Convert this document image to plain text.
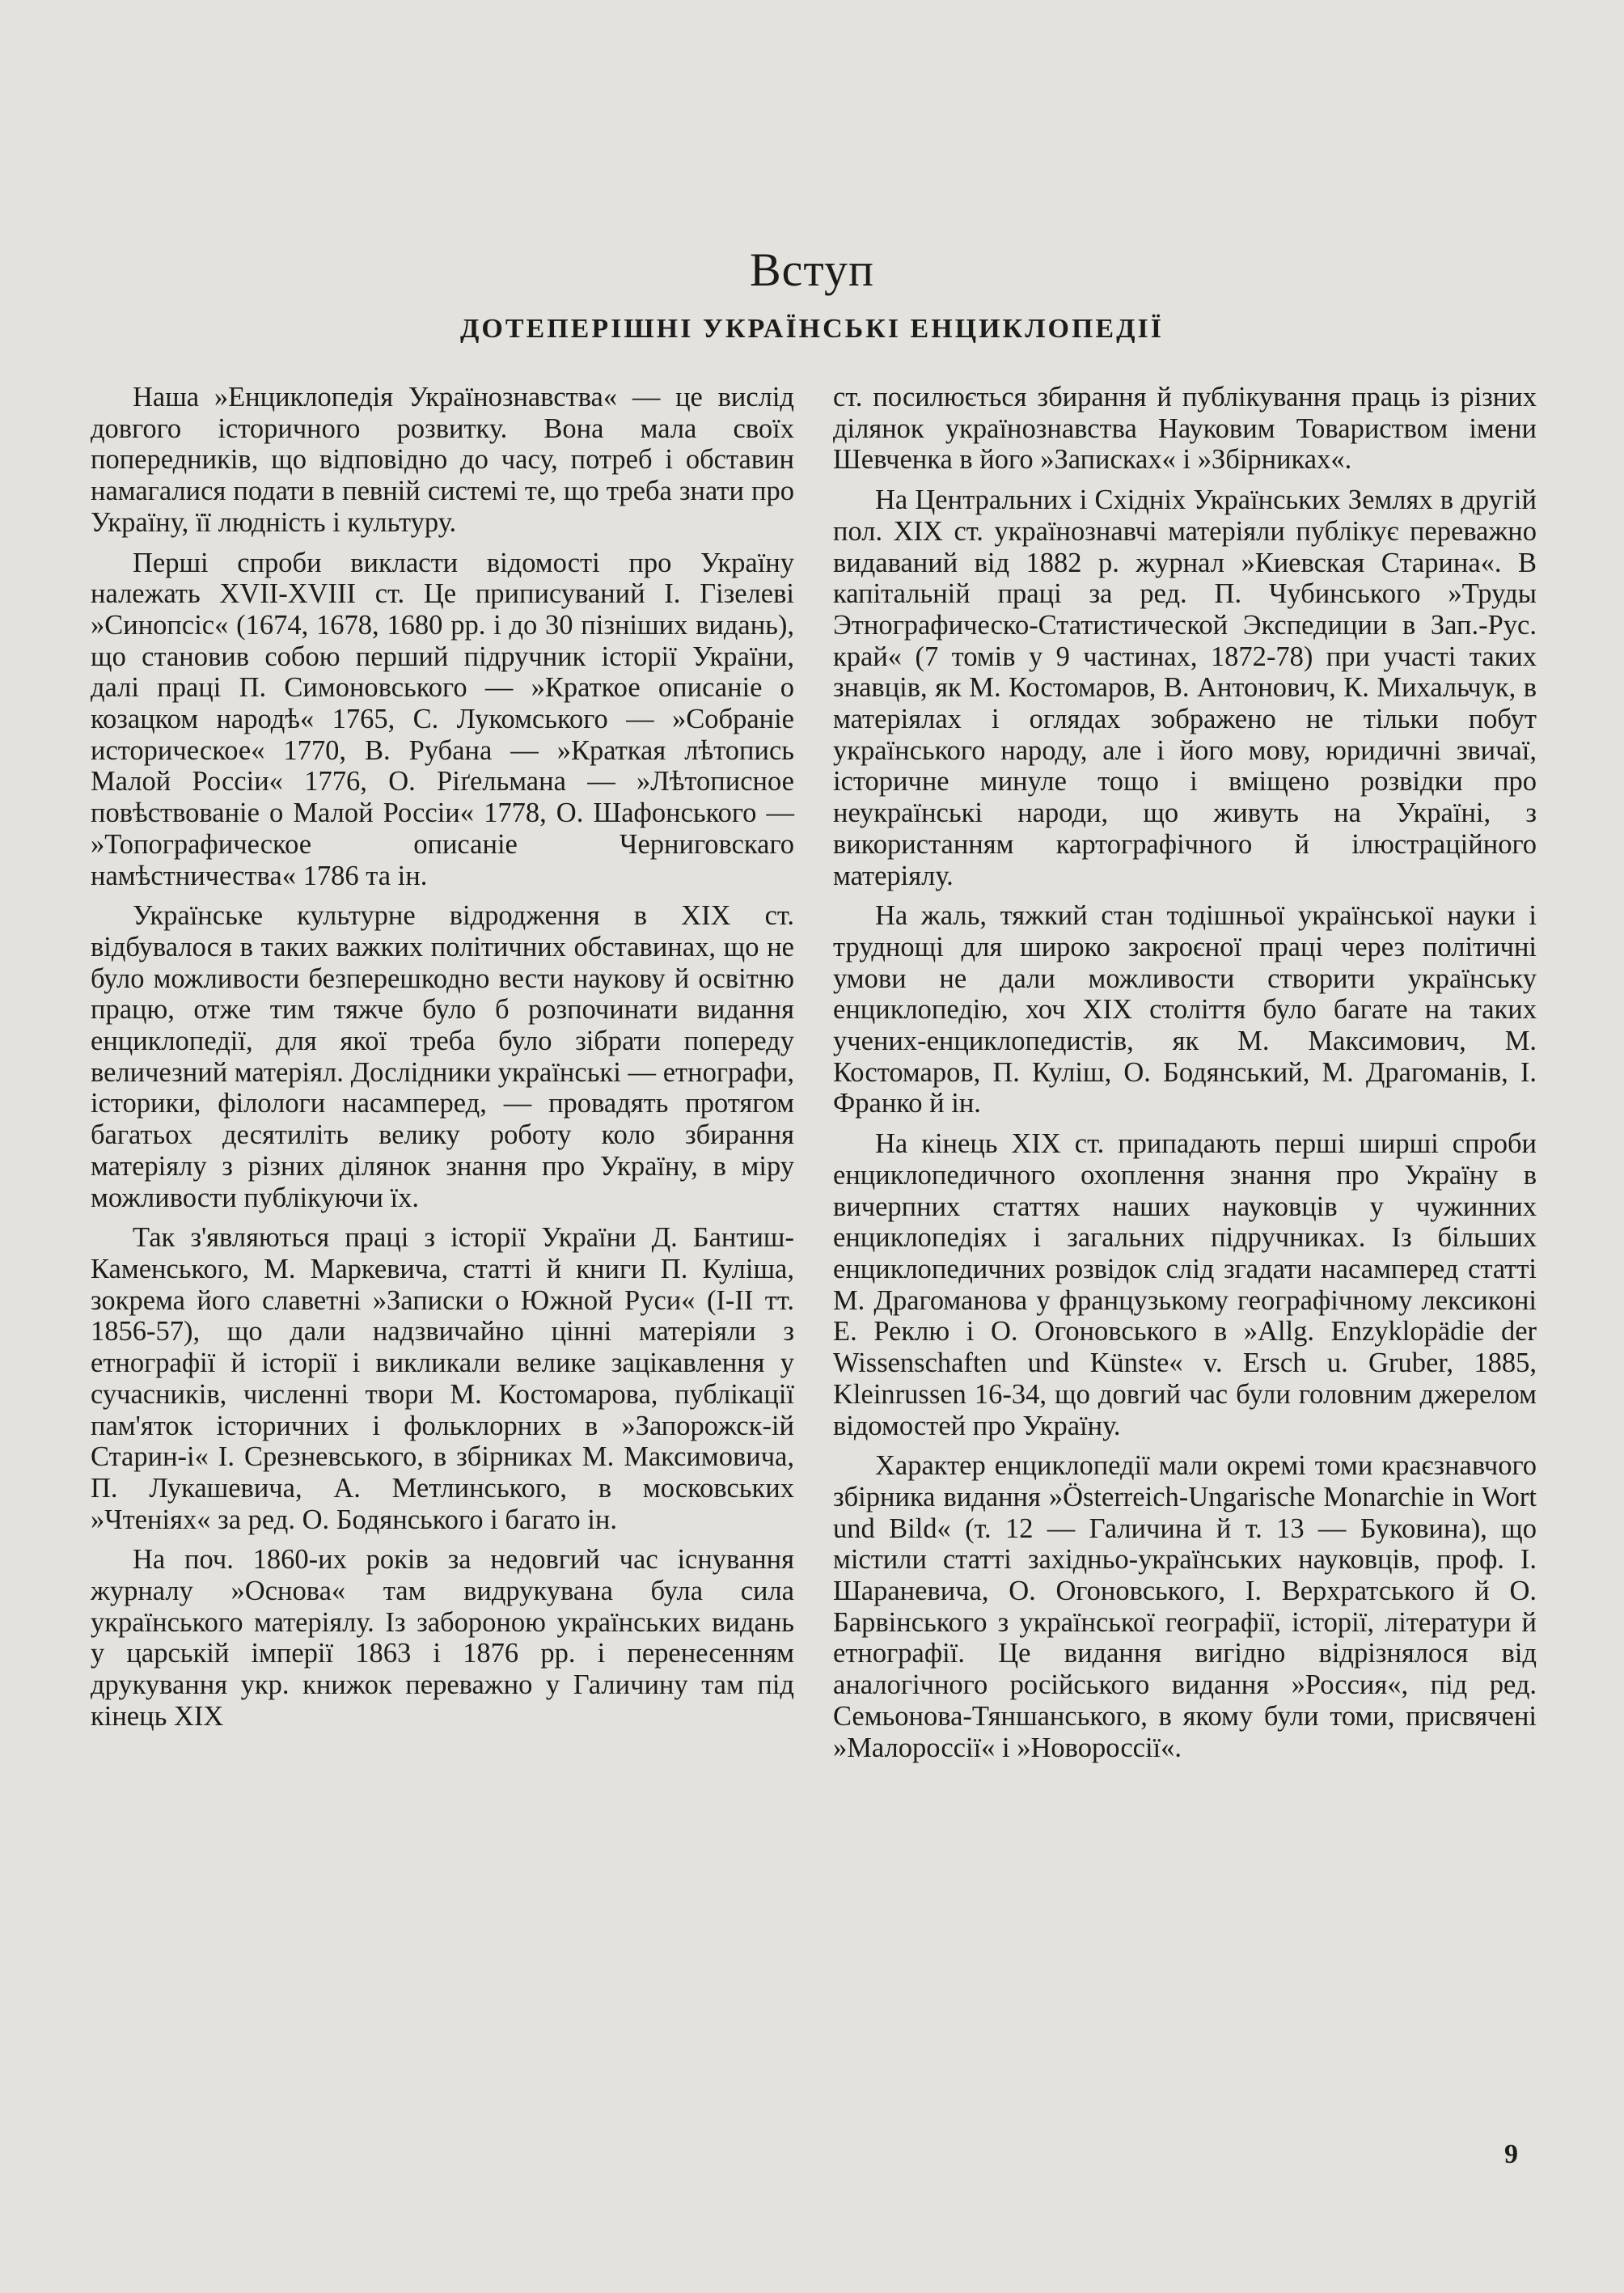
Вступ
ДОТЕПЕРІШНІ УКРАЇНСЬКІ ЕНЦИКЛОПЕДІЇ

Наша »Енциклопедія Українознавства« — це вислід довгого історичного розвитку. Вона мала своїх попередників, що відповідно до часу, потреб і обставин намагалися подати в певній системі те, що треба знати про Україну, її людність і культуру.

Перші спроби викласти відомості про Україну належать XVII-XVIII ст. Це приписуваний І. Гізелеві »Синопсіс« (1674, 1678, 1680 рр. і до 30 пізніших видань), що становив собою перший підручник історії України, далі праці П. Симоновського — »Краткое описаніе о козацком народѣ« 1765, С. Лукомського — »Собраніе историческое« 1770, В. Рубана — »Краткая лѣтопись Малой Россіи« 1776, О. Ріґельмана — »Лѣтописное повѣствованіе о Малой Россіи« 1778, О. Шафонського — »Топографическое описаніе Черниговскаго намѣстничества« 1786 та ін.

Українське культурне відродження в XIX ст. відбувалося в таких важких політичних обставинах, що не було можливости безперешкодно вести наукову й освітню працю, отже тим тяжче було б розпочинати видання енциклопедії, для якої треба було зібрати попереду величезний матеріял. Дослідники українські — етнографи, історики, філологи насамперед, — провадять протягом багатьох десятиліть велику роботу коло збирання матеріялу з різних ділянок знання про Україну, в міру можливости публікуючи їх.

Так з'являються праці з історії України Д. Бантиш-Каменського, М. Маркевича, статті й книги П. Куліша, зокрема його славетні »Записки о Южной Руси« (I-II тт. 1856-57), що дали надзвичайно цінні матеріяли з етнографії й історії і викликали велике зацікавлення у сучасників, численні твори М. Костомарова, публікації пам'яток історичних і фольклорних в »Запорожск-ій Старин-і« І. Срезневського, в збірниках М. Максимовича, П. Лукашевича, А. Метлинського, в московських »Чтеніях« за ред. О. Бодянського і багато ін.

На поч. 1860-их років за недовгий час існування журналу »Основа« там видрукувана була сила українського матеріялу. Із забороною українських видань у царській імперії 1863 і 1876 рр. і перенесенням друкування укр. книжок переважно у Галичину там під кінець XIX

ст. посилюється збирання й публікування праць із різних ділянок українознавства Науковим Товариством імени Шевченка в його »Записках« і »Збірниках«.

На Центральних і Східніх Українських Землях в другій пол. XIX ст. українознавчі матеріяли публікує переважно видаваний від 1882 р. журнал »Киевская Старина«. В капітальній праці за ред. П. Чубинського »Труды Этнографическо-Статистической Экспедиции в Зап.-Рус. край« (7 томів у 9 частинах, 1872-78) при участі таких знавців, як М. Костомаров, В. Антонович, К. Михальчук, в матеріялах і оглядах зображено не тільки побут українського народу, але і його мову, юридичні звичаї, історичне минуле тощо і вміщено розвідки про неукраїнські народи, що живуть на Україні, з використанням картографічного й ілюстраційного матеріялу.

На жаль, тяжкий стан тодішньої української науки і труднощі для широко закроєної праці через політичні умови не дали можливости створити українську енциклопедію, хоч XIX століття було багате на таких учених-енциклопедистів, як М. Максимович, М. Костомаров, П. Куліш, О. Бодянський, М. Драгоманів, І. Франко й ін.

На кінець XIX ст. припадають перші ширші спроби енциклопедичного охоплення знання про Україну в вичерпних статтях наших науковців у чужинних енциклопедіях і загальних підручниках. Із більших енциклопедичних розвідок слід згадати насамперед статті М. Драгоманова у французькому географічному лексиконі Е. Реклю і О. Огоновського в »Allg. Enzyklopädie der Wissenschaften und Künste« v. Ersch u. Gruber, 1885, Kleinrussen 16-34, що довгий час були головним джерелом відомостей про Україну.

Характер енциклопедії мали окремі томи краєзнавчого збірника видання »Österreich-Ungarische Monarchie in Wort und Bild« (т. 12 — Галичина й т. 13 — Буковина), що містили статті західньо-українських науковців, проф. І. Шараневича, О. Огоновського, І. Верхратського й О. Барвінського з української географії, історії, літератури й етнографії. Це видання вигідно відрізнялося від аналогічного російського видання »Россия«, під ред. Семьонова-Тяншанського, в якому були томи, присвячені »Малороссії« і »Новороссії«.

9
